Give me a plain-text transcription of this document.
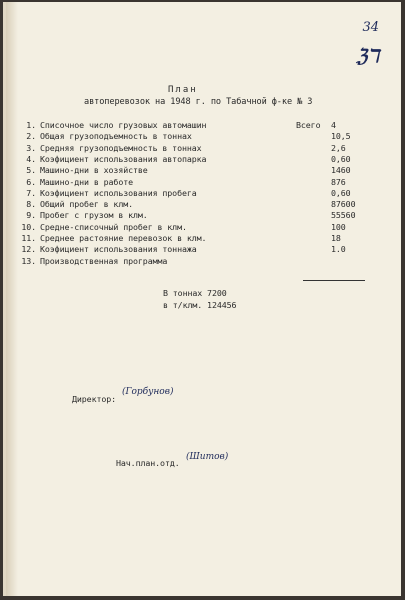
34
ℨℸ
План
автоперевозок на 1948 г. по Табачной ф-ке № 3
1. Списочное число грузовых автомашин	Всего 4
2. Общая грузоподъемность в тоннах	10,5
3. Средняя грузоподъемность в тоннах	2,6
4. Коэфициент использования автопарка	0,60
5. Машино-дни в хозяйстве	1460
6. Машино-дни в работе	876
7. Коэфициент использования пробега	0,60
8. Общий пробег в клм.	87600
9. Пробег с грузом в клм.	55560
10. Средне-списочный пробег в клм.	100
11. Среднее растояние перевозок в клм.	18
12. Коэфициент использования тоннажа	1.0
13. Производственная программа
В тоннах 7200
в т/клм. 124456
Директор:
(Горбунов)
Нач.план.отд.
(Шитов)
